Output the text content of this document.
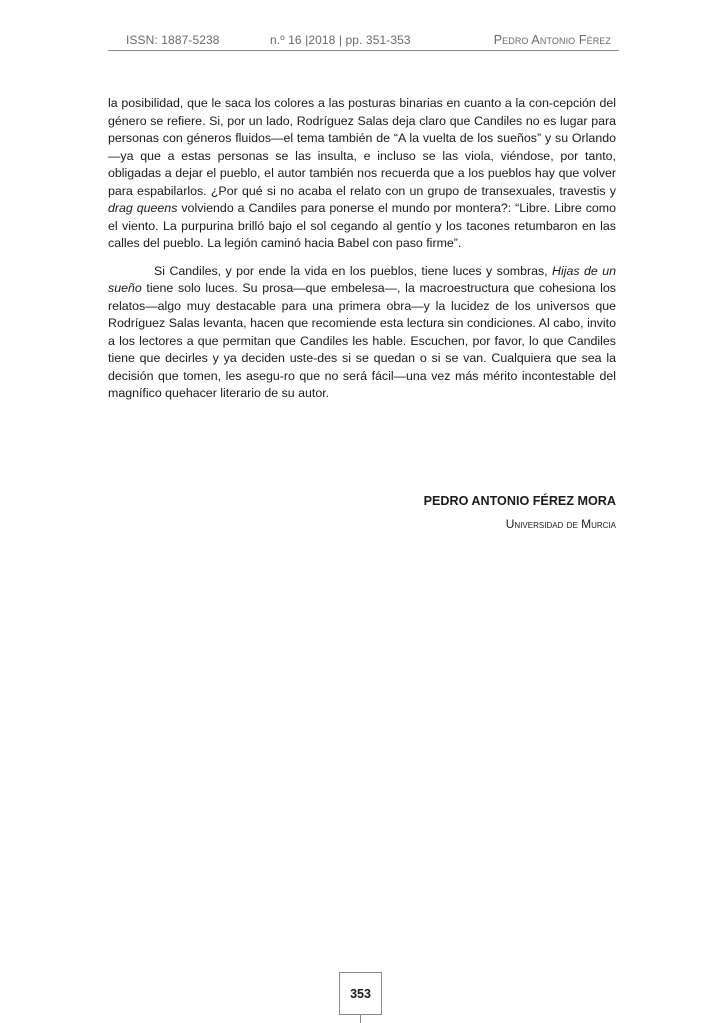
ISSN: 1887-5238	n.º 16 |2018 | pp. 351-353	Pedro Antonio Férez

la posibilidad, que le saca los colores a las posturas binarias en cuanto a la con-cepción del género se refiere. Si, por un lado, Rodríguez Salas deja claro que Candiles no es lugar para personas con géneros fluidos—el tema también de “A la vuelta de los sueños” y su Orlando—ya que a estas personas se las insulta, e incluso se las viola, viéndose, por tanto, obligadas a dejar el pueblo, el autor también nos recuerda que a los pueblos hay que volver para espabilarlos. ¿Por qué si no acaba el relato con un grupo de transexuales, travestis y drag queens volviendo a Candiles para ponerse el mundo por montera?: “Libre. Libre como el viento. La purpurina brilló bajo el sol cegando al gentío y los tacones retumbaron en las calles del pueblo. La legión caminó hacia Babel con paso firme”.

Si Candiles, y por ende la vida en los pueblos, tiene luces y sombras, Hijas de un sueño tiene solo luces. Su prosa—que embelesa—, la macroestructura que cohesiona los relatos—algo muy destacable para una primera obra—y la lucidez de los universos que Rodríguez Salas levanta, hacen que recomiende esta lectura sin condiciones. Al cabo, invito a los lectores a que permitan que Candiles les hable. Escuchen, por favor, lo que Candiles tiene que decirles y ya deciden uste-des si se quedan o si se van. Cualquiera que sea la decisión que tomen, les asegu-ro que no será fácil—una vez más mérito incontestable del magnífico quehacer literario de su autor.

PEDRO ANTONIO FÉREZ MORA
Universidad de Murcia
353
